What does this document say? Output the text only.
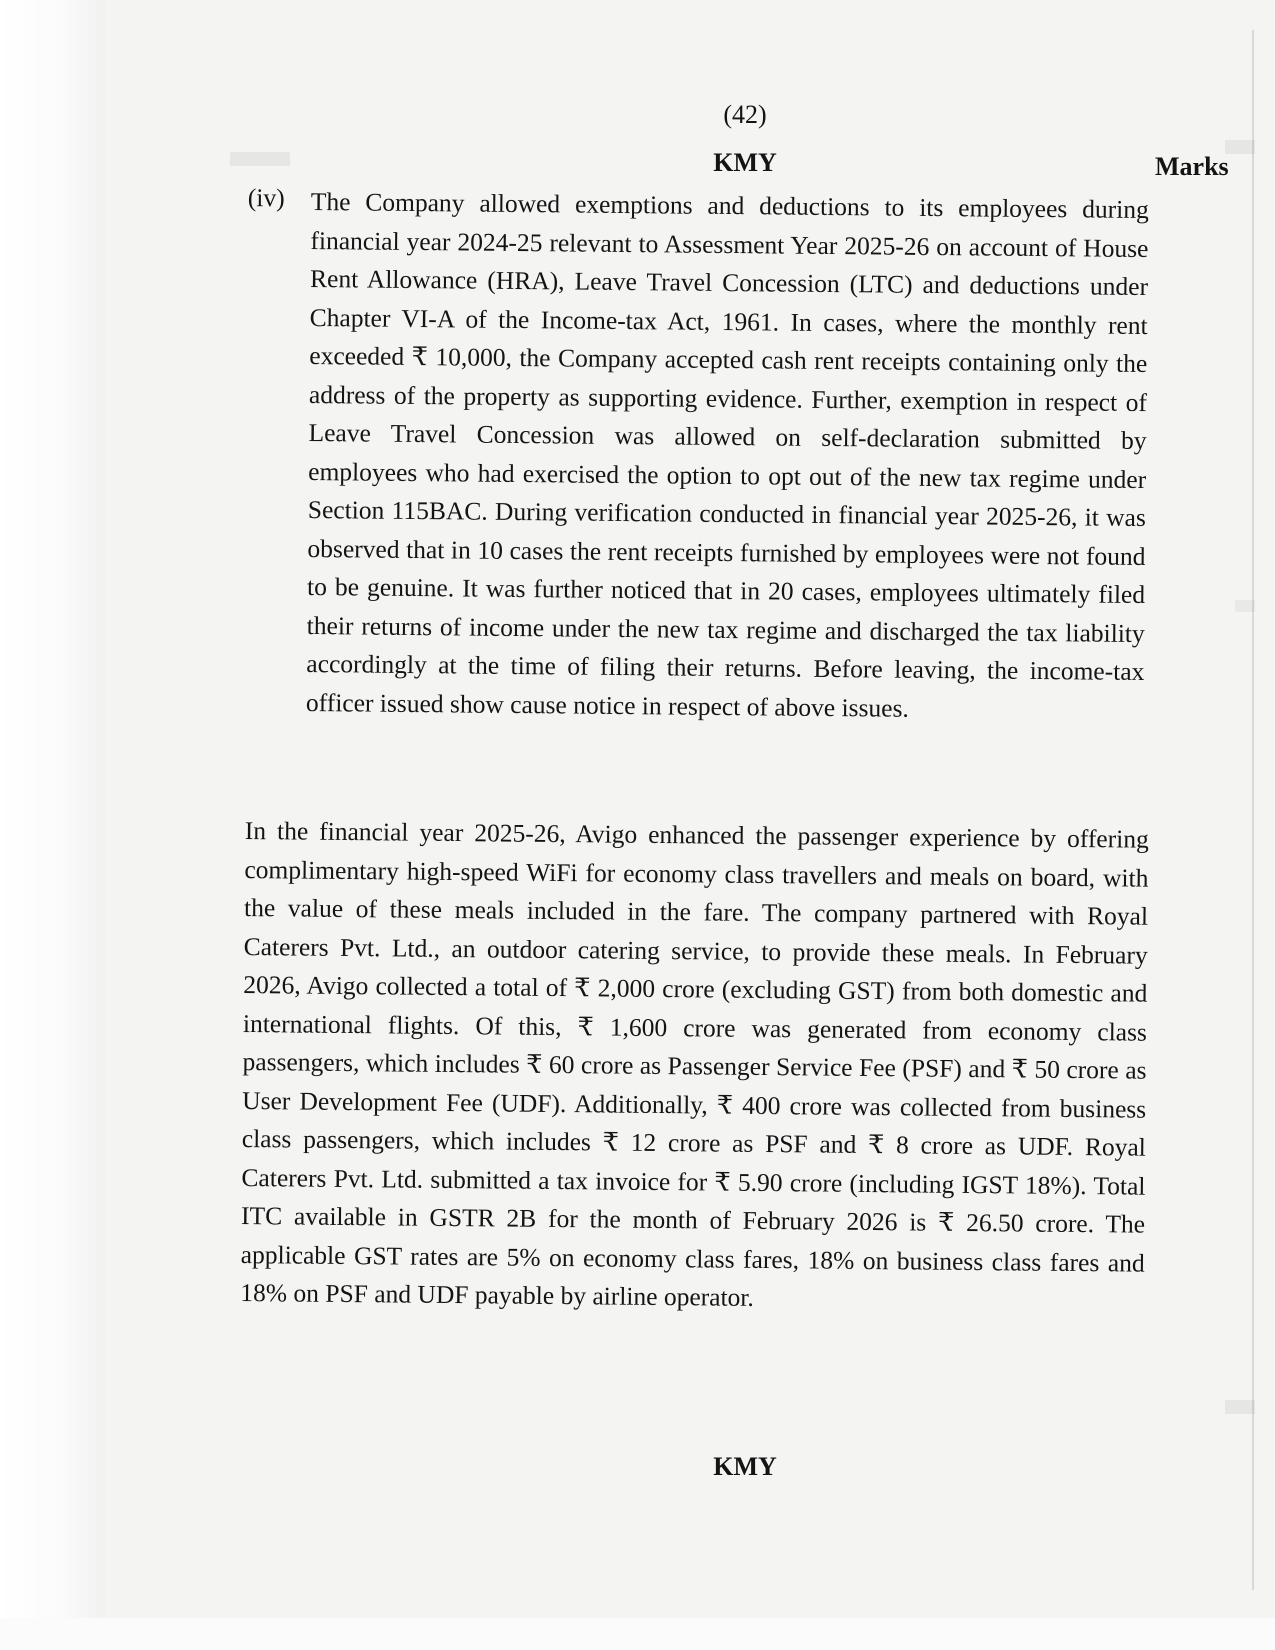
(42)
KMY	Marks
(iv) The Company allowed exemptions and deductions to its employees during financial year 2024-25 relevant to Assessment Year 2025-26 on account of House Rent Allowance (HRA), Leave Travel Concession (LTC) and deductions under Chapter VI-A of the Income-tax Act, 1961. In cases, where the monthly rent exceeded ₹ 10,000, the Company accepted cash rent receipts containing only the address of the property as supporting evidence. Further, exemption in respect of Leave Travel Concession was allowed on self-declaration submitted by employees who had exercised the option to opt out of the new tax regime under Section 115BAC. During verification conducted in financial year 2025-26, it was observed that in 10 cases the rent receipts furnished by employees were not found to be genuine. It was further noticed that in 20 cases, employees ultimately filed their returns of income under the new tax regime and discharged the tax liability accordingly at the time of filing their returns. Before leaving, the income-tax officer issued show cause notice in respect of above issues.

In the financial year 2025-26, Avigo enhanced the passenger experience by offering complimentary high-speed WiFi for economy class travellers and meals on board, with the value of these meals included in the fare. The company partnered with Royal Caterers Pvt. Ltd., an outdoor catering service, to provide these meals. In February 2026, Avigo collected a total of ₹ 2,000 crore (excluding GST) from both domestic and international flights. Of this, ₹ 1,600 crore was generated from economy class passengers, which includes ₹ 60 crore as Passenger Service Fee (PSF) and ₹ 50 crore as User Development Fee (UDF). Additionally, ₹ 400 crore was collected from business class passengers, which includes ₹ 12 crore as PSF and ₹ 8 crore as UDF. Royal Caterers Pvt. Ltd. submitted a tax invoice for ₹ 5.90 crore (including IGST 18%). Total ITC available in GSTR 2B for the month of February 2026 is ₹ 26.50 crore. The applicable GST rates are 5% on economy class fares, 18% on business class fares and 18% on PSF and UDF payable by airline operator.

KMY
